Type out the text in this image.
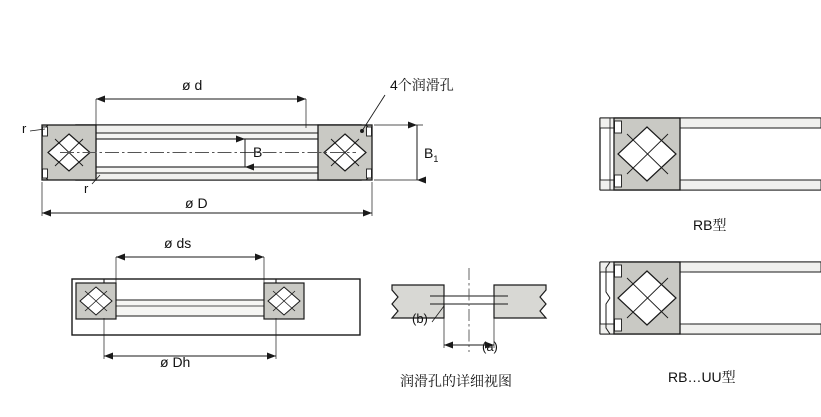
ø d
ø D
B	$B_1$
r
r
4个润滑孔
ø ds
ø Dh
(b)
(a)
润滑孔的详细视图
RB型
RB…UU型
